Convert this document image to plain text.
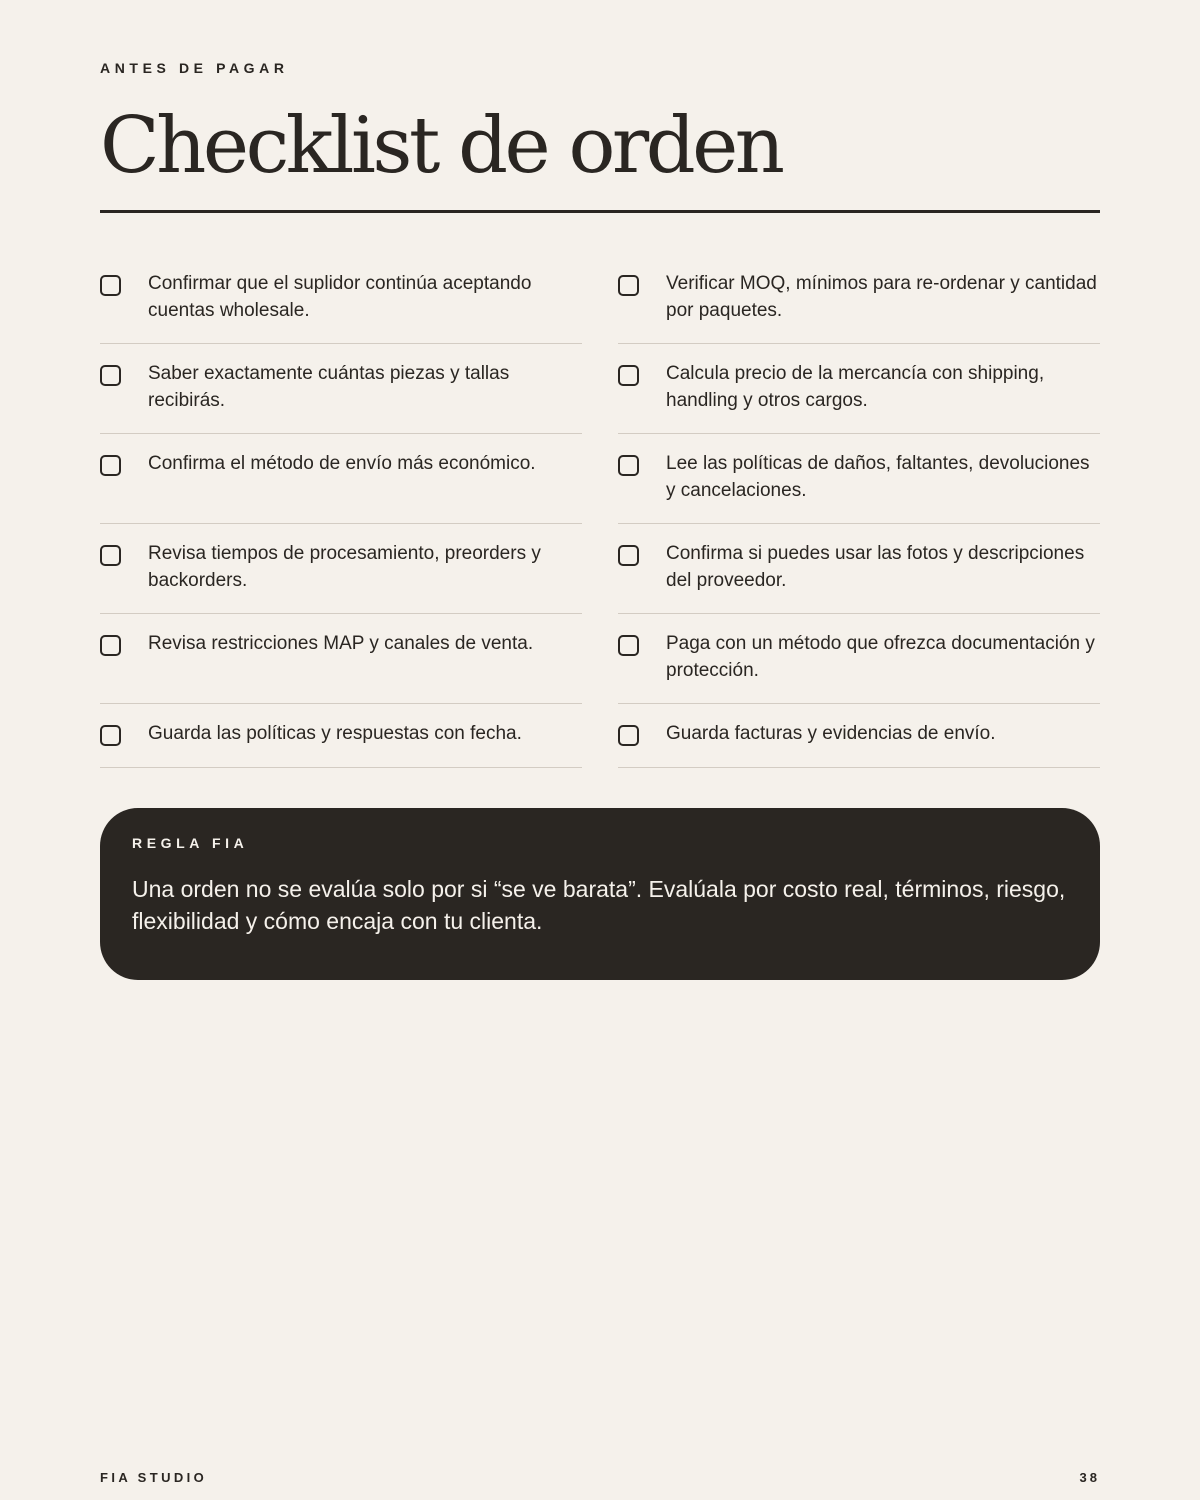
ANTES DE PAGAR
Checklist de orden
Confirmar que el suplidor continúa aceptando cuentas wholesale.
Verificar MOQ, mínimos para re-ordenar y cantidad por paquetes.
Saber exactamente cuántas piezas y tallas recibirás.
Calcula precio de la mercancía con shipping, handling y otros cargos.
Confirma el método de envío más económico.	Lee las políticas de daños, faltantes, devoluciones y cancelaciones.
Revisa tiempos de procesamiento, preorders y backorders.
Confirma si puedes usar las fotos y descripciones del proveedor.
Revisa restricciones MAP y canales de venta.	Paga con un método que ofrezca documentación y protección.
Guarda las políticas y respuestas con fecha.	Guarda facturas y evidencias de envío.
REGLA FIA
Una orden no se evalúa solo por si “se ve barata”. Evalúala por costo real, términos, riesgo, flexibilidad y cómo encaja con tu clienta.
FIA STUDIO	38
